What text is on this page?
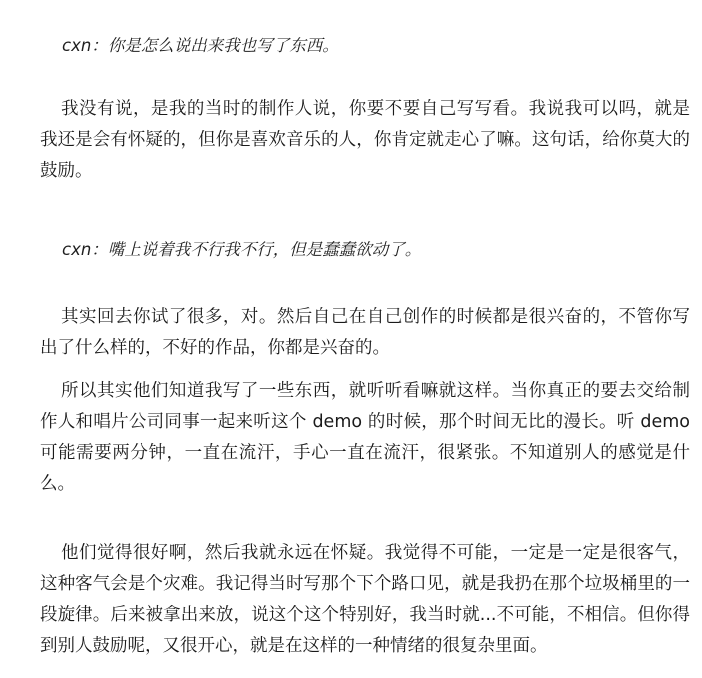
cxn：你是怎么说出来我也写了东西。
我没有说，是我的当时的制作人说，你要不要自己写写看。我说我可以吗，就是我还是会有怀疑的，但你是喜欢音乐的人，你肯定就走心了嘛。这句话，给你莫大的鼓励。
cxn：嘴上说着我不行我不行，但是蠢蠢欲动了。
其实回去你试了很多，对。然后自己在自己创作的时候都是很兴奋的，不管你写出了什么样的，不好的作品，你都是兴奋的。
所以其实他们知道我写了一些东西，就听听看嘛就这样。当你真正的要去交给制作人和唱片公司同事一起来听这个 demo 的时候，那个时间无比的漫长。听 demo 可能需要两分钟，一直在流汗，手心一直在流汗，很紧张。不知道别人的感觉是什么。
他们觉得很好啊，然后我就永远在怀疑。我觉得不可能，一定是一定是很客气，这种客气会是个灾难。我记得当时写那个下个路口见，就是我扔在那个垃圾桶里的一段旋律。后来被拿出来放，说这个这个特别好，我当时就...不可能，不相信。但你得到别人鼓励呢，又很开心，就是在这样的一种情绪的很复杂里面。
